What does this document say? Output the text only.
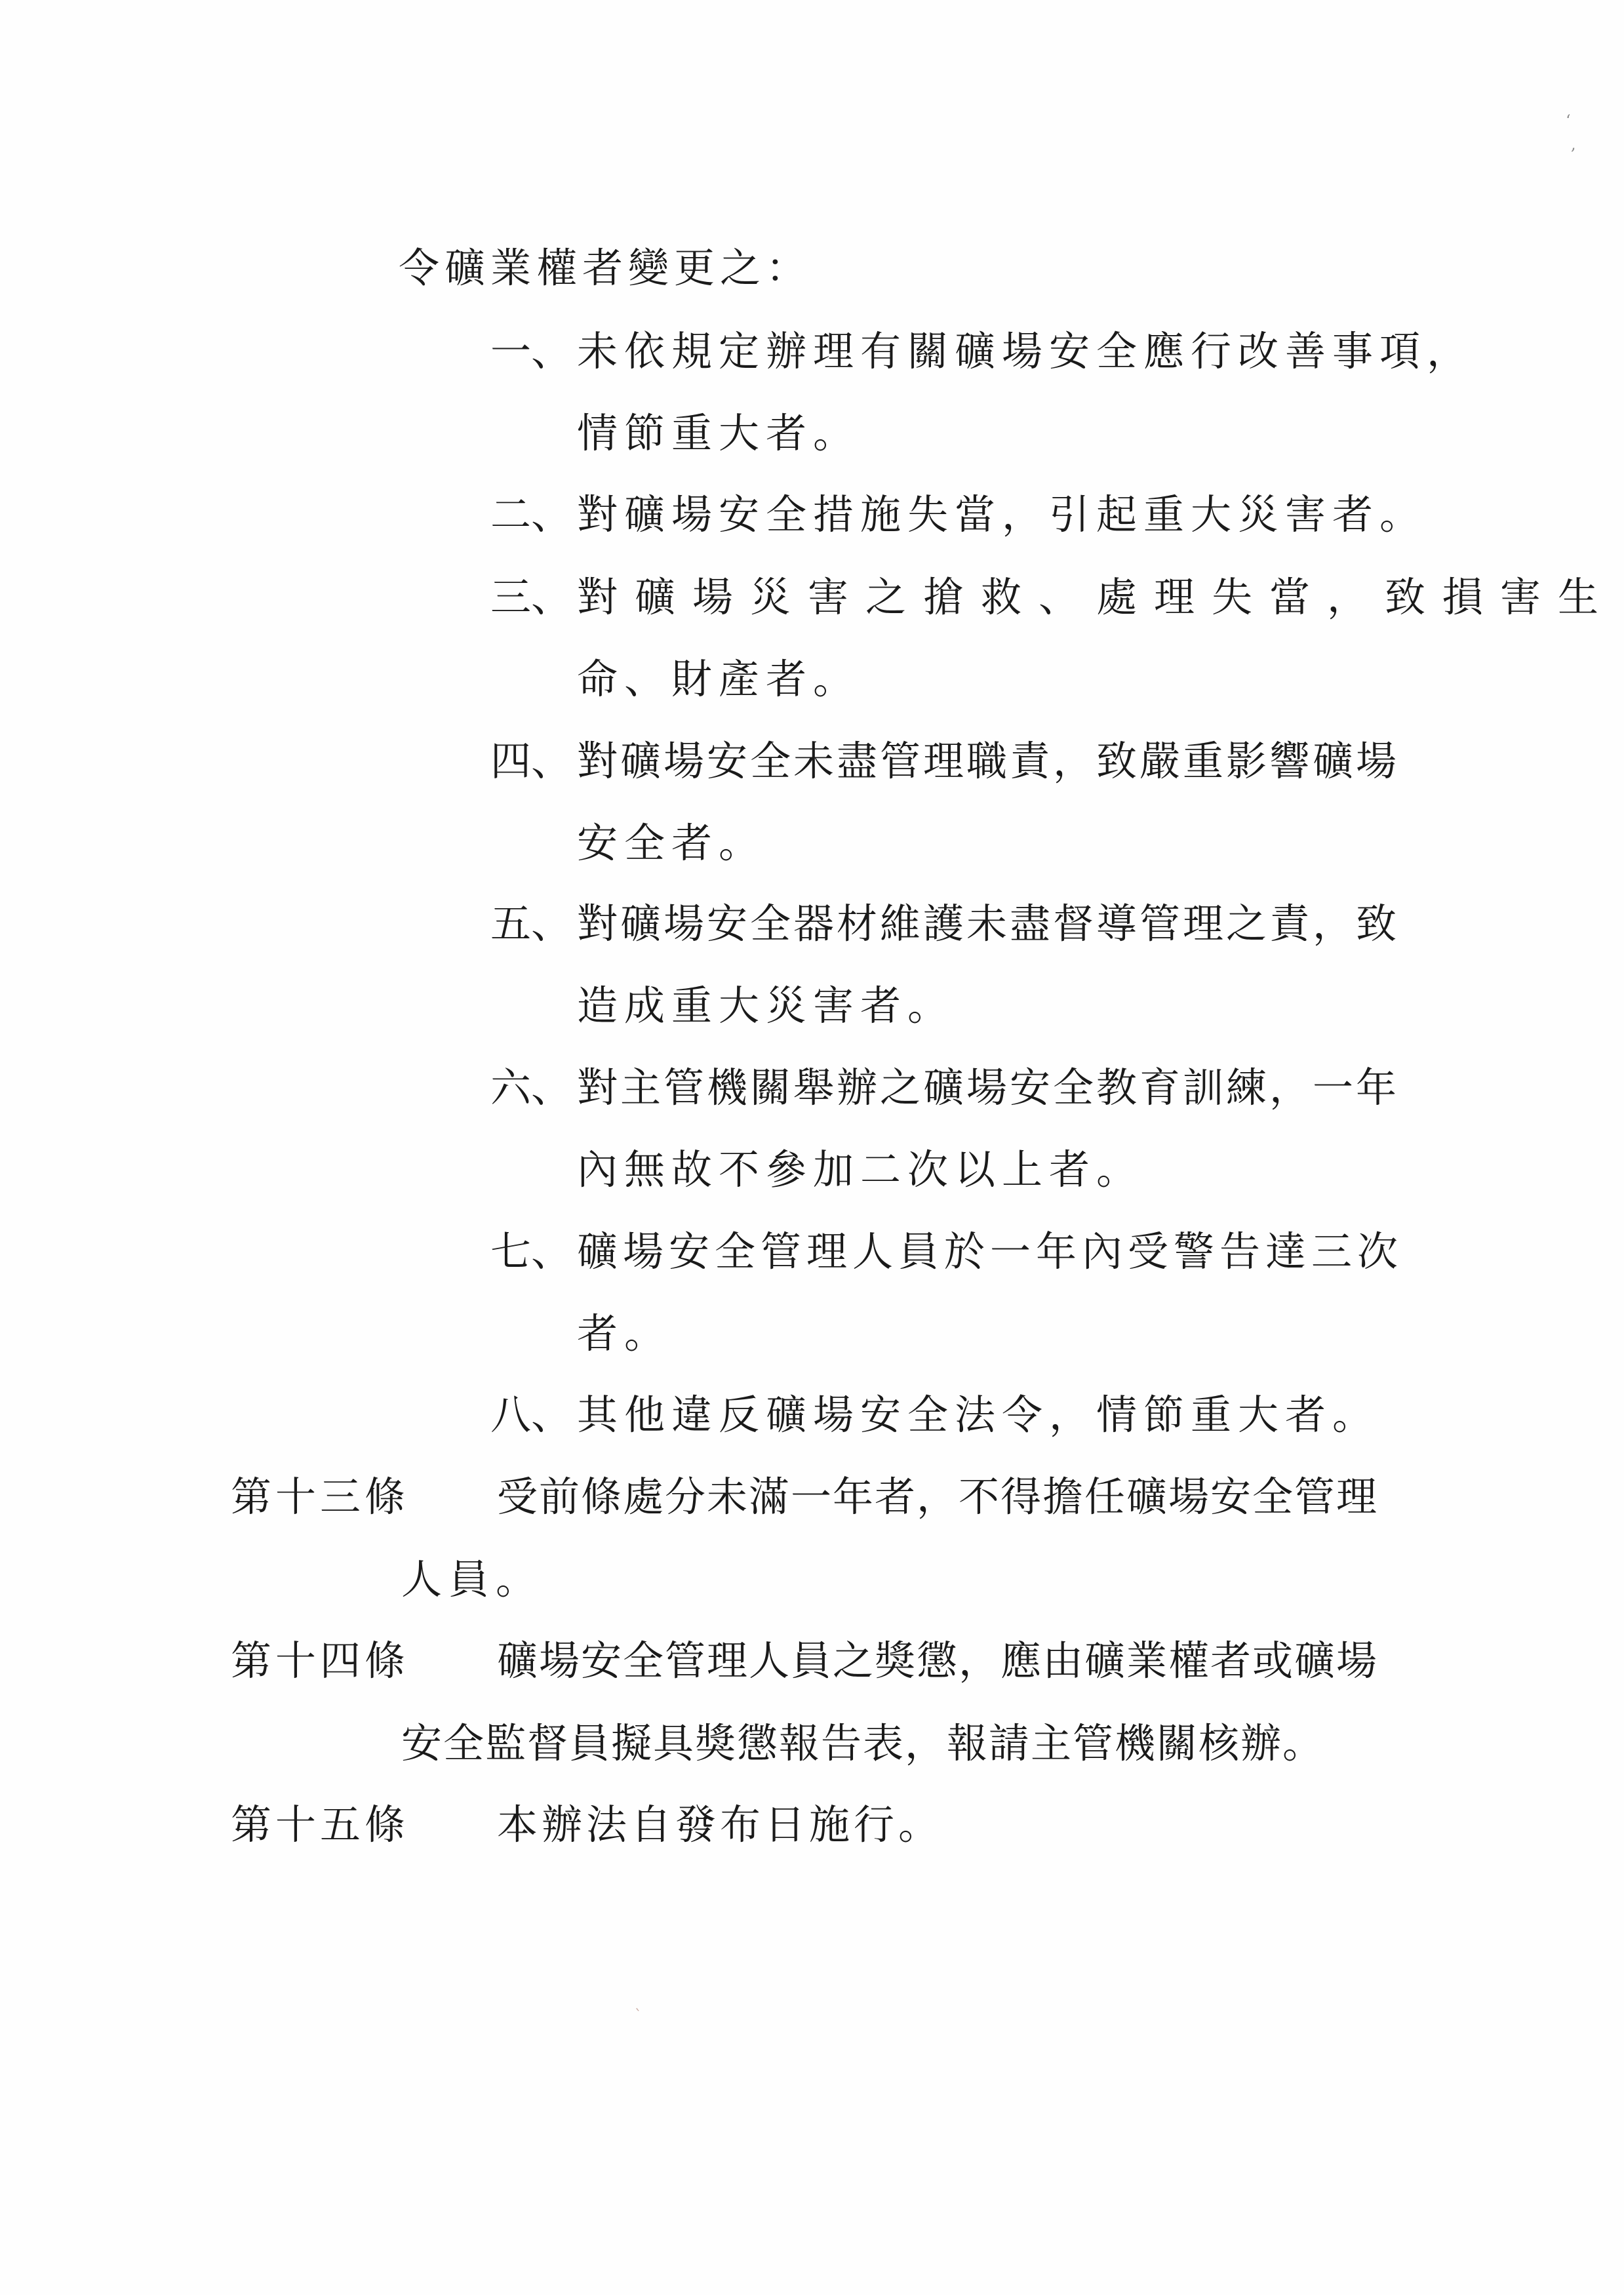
令礦業權者變更之：
一、 未依規定辦理有關礦場安全應行改善事項，
情節重大者。
二、 對礦場安全措施失當，引起重大災害者。
三、 對礦場災害之搶救、處理失當，致損害生
命、財產者。
四、 對礦場安全未盡管理職責，致嚴重影響礦場
安全者。
五、 對礦場安全器材維護未盡督導管理之責，致
造成重大災害者。
六、 對主管機關舉辦之礦場安全教育訓練，一年
內無故不參加二次以上者。
七、 礦場安全管理人員於一年內受警告達三次
者。
八、 其他違反礦場安全法令，情節重大者。
第十三條 受前條處分未滿一年者，不得擔任礦場安全管理
人員。
第十四條 礦場安全管理人員之獎懲，應由礦業權者或礦場
安全監督員擬具獎懲報告表，報請主管機關核辦。
第十五條 本辦法自發布日施行。
‘
,
`
